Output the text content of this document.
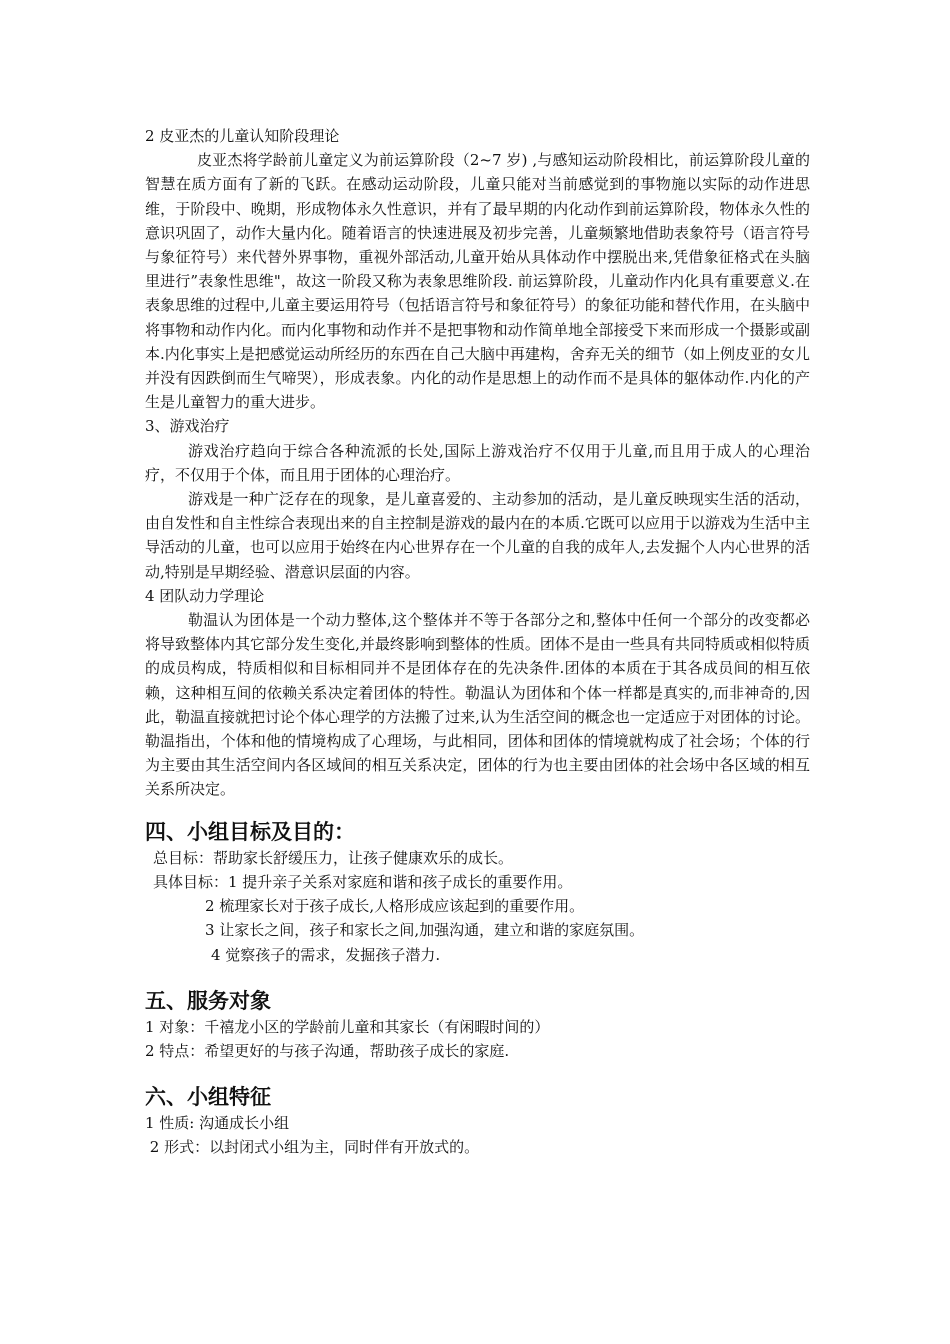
2 皮亚杰的儿童认知阶段理论

皮亚杰将学龄前儿童定义为前运算阶段（2~7 岁) ,与感知运动阶段相比，前运算阶段儿童的智慧在质方面有了新的飞跃。在感动运动阶段，儿童只能对当前感觉到的事物施以实际的动作进思维，于阶段中、晚期，形成物体永久性意识，并有了最早期的内化动作到前运算阶段，物体永久性的意识巩固了，动作大量内化。随着语言的快速进展及初步完善，儿童频繁地借助表象符号（语言符号与象征符号）来代替外界事物，重视外部活动,儿童开始从具体动作中摆脱出来,凭借象征格式在头脑里进行”表象性思维"，故这一阶段又称为表象思维阶段. 前运算阶段，儿童动作内化具有重要意义.在表象思维的过程中,儿童主要运用符号（包括语言符号和象征符号）的象征功能和替代作用，在头脑中将事物和动作内化。而内化事物和动作并不是把事物和动作简单地全部接受下来而形成一个摄影或副本.内化事实上是把感觉运动所经历的东西在自己大脑中再建构，舍弃无关的细节（如上例皮亚的女儿并没有因跌倒而生气啼哭），形成表象。内化的动作是思想上的动作而不是具体的躯体动作.内化的产生是儿童智力的重大进步。

3、游戏治疗

游戏治疗趋向于综合各种流派的长处,国际上游戏治疗不仅用于儿童,而且用于成人的心理治疗，不仅用于个体，而且用于团体的心理治疗。

游戏是一种广泛存在的现象，是儿童喜爱的、主动参加的活动，是儿童反映现实生活的活动，由自发性和自主性综合表现出来的自主控制是游戏的最内在的本质.它既可以应用于以游戏为生活中主导活动的儿童，也可以应用于始终在内心世界存在一个儿童的自我的成年人,去发掘个人内心世界的活动,特别是早期经验、潜意识层面的内容。

4 团队动力学理论

勒温认为团体是一个动力整体,这个整体并不等于各部分之和,整体中任何一个部分的改变都必将导致整体内其它部分发生变化,并最终影响到整体的性质。团体不是由一些具有共同特质或相似特质的成员构成，特质相似和目标相同并不是团体存在的先决条件.团体的本质在于其各成员间的相互依赖，这种相互间的依赖关系决定着团体的特性。勒温认为团体和个体一样都是真实的,而非神奇的,因此，勒温直接就把讨论个体心理学的方法搬了过来,认为生活空间的概念也一定适应于对团体的讨论。勒温指出，个体和他的情境构成了心理场，与此相同，团体和团体的情境就构成了社会场；个体的行为主要由其生活空间内各区域间的相互关系决定，团体的行为也主要由团体的社会场中各区域的相互关系所决定。

四、小组目标及目的：

总目标：帮助家长舒缓压力，让孩子健康欢乐的成长。

具体目标：1 提升亲子关系对家庭和谐和孩子成长的重要作用。

2 梳理家长对于孩子成长,人格形成应该起到的重要作用。

3 让家长之间，孩子和家长之间,加强沟通，建立和谐的家庭氛围。

4 觉察孩子的需求，发掘孩子潜力.

五、服务对象

1 对象：千禧龙小区的学龄前儿童和其家长（有闲暇时间的）

2 特点：希望更好的与孩子沟通，帮助孩子成长的家庭.

六、小组特征

1 性质: 沟通成长小组

2 形式：以封闭式小组为主，同时伴有开放式的。
